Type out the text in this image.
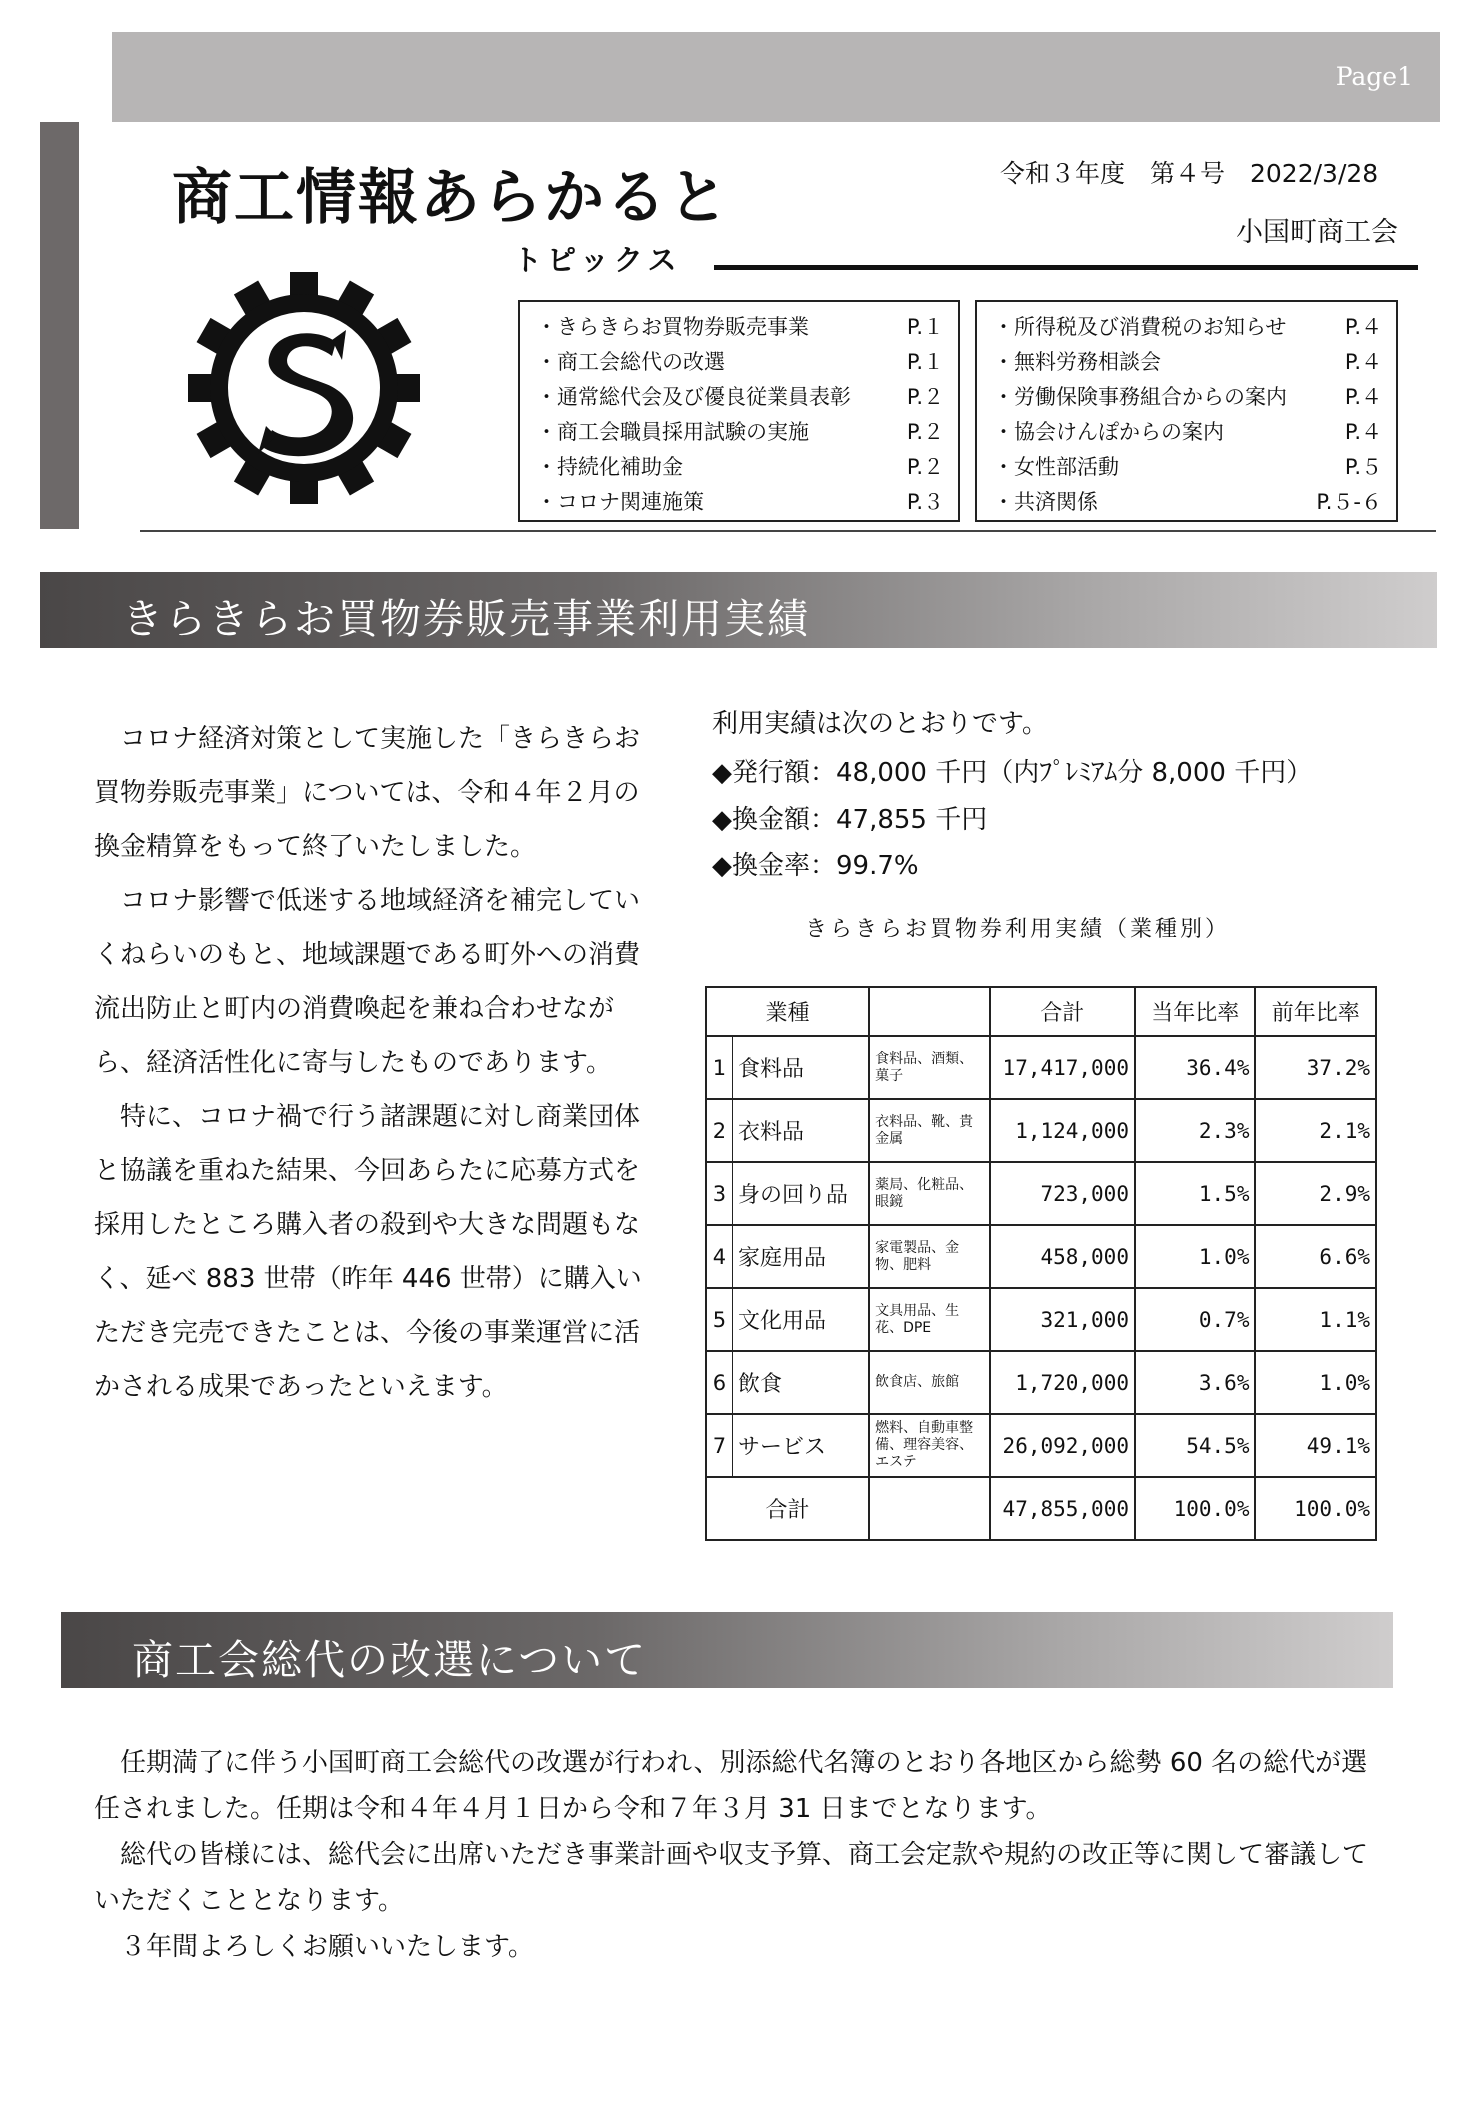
Page1
商工情報あらかると	令和３年度　第４号　2022/3/28
小国町商工会
トピックス
・きらきらお買物券販売事業	P.１
・商工会総代の改選	P.１
・通常総代会及び優良従業員表彰	P.２
・商工会職員採用試験の実施	P.２
・持続化補助金	P.２
・コロナ関連施策	P.３
・所得税及び消費税のお知らせ	P.４
・無料労務相談会	P.４
・労働保険事務組合からの案内	P.４
・協会けんぽからの案内	P.４
・女性部活動	P.５
・共済関係	P.５-６
きらきらお買物券販売事業利用実績

コロナ経済対策として実施した「きらきらお買物券販売事業」については、令和４年２月の換金精算をもって終了いたしました。

コロナ影響で低迷する地域経済を補完していくねらいのもと、地域課題である町外への消費流出防止と町内の消費喚起を兼ね合わせながら、経済活性化に寄与したものであります。

特に、コロナ禍で行う諸課題に対し商業団体と協議を重ねた結果、今回あらたに応募方式を採用したところ購入者の殺到や大きな問題もなく、延べ 883 世帯（昨年 446 世帯）に購入いただき完売できたことは、今後の事業運営に活かされる成果であったといえます。

利用実績は次のとおりです。
◆発行額：48,000 千円（内ﾌﾟﾚﾐｱﾑ分 8,000 千円）
◆換金額：47,855 千円
◆換金率：99.7%
きらきらお買物券利用実績（業種別）
業種			合計	当年比率	前年比率
1	食料品	食料品、酒類、菓子	17,417,000	36.4%	37.2%
2	衣料品	衣料品、靴、貴金属	1,124,000	2.3%	2.1%
3	身の回り品	薬局、化粧品、眼鏡	723,000	1.5%	2.9%
4	家庭用品	家電製品、金物、肥料	458,000	1.0%	6.6%
5	文化用品	文具用品、生花、DPE	321,000	0.7%	1.1%
6	飲食	飲食店、旅館	1,720,000	3.6%	1.0%
7	サービス	燃料、自動車整備、理容美容、エステ	26,092,000	54.5%	49.1%
合計			47,855,000	100.0%	100.0%
商工会総代の改選について

任期満了に伴う小国町商工会総代の改選が行われ、別添総代名簿のとおり各地区から総勢 60 名の総代が選任されました。任期は令和４年４月１日から令和７年３月 31 日までとなります。

総代の皆様には、総代会に出席いただき事業計画や収支予算、商工会定款や規約の改正等に関して審議していただくこととなります。

３年間よろしくお願いいたします。
